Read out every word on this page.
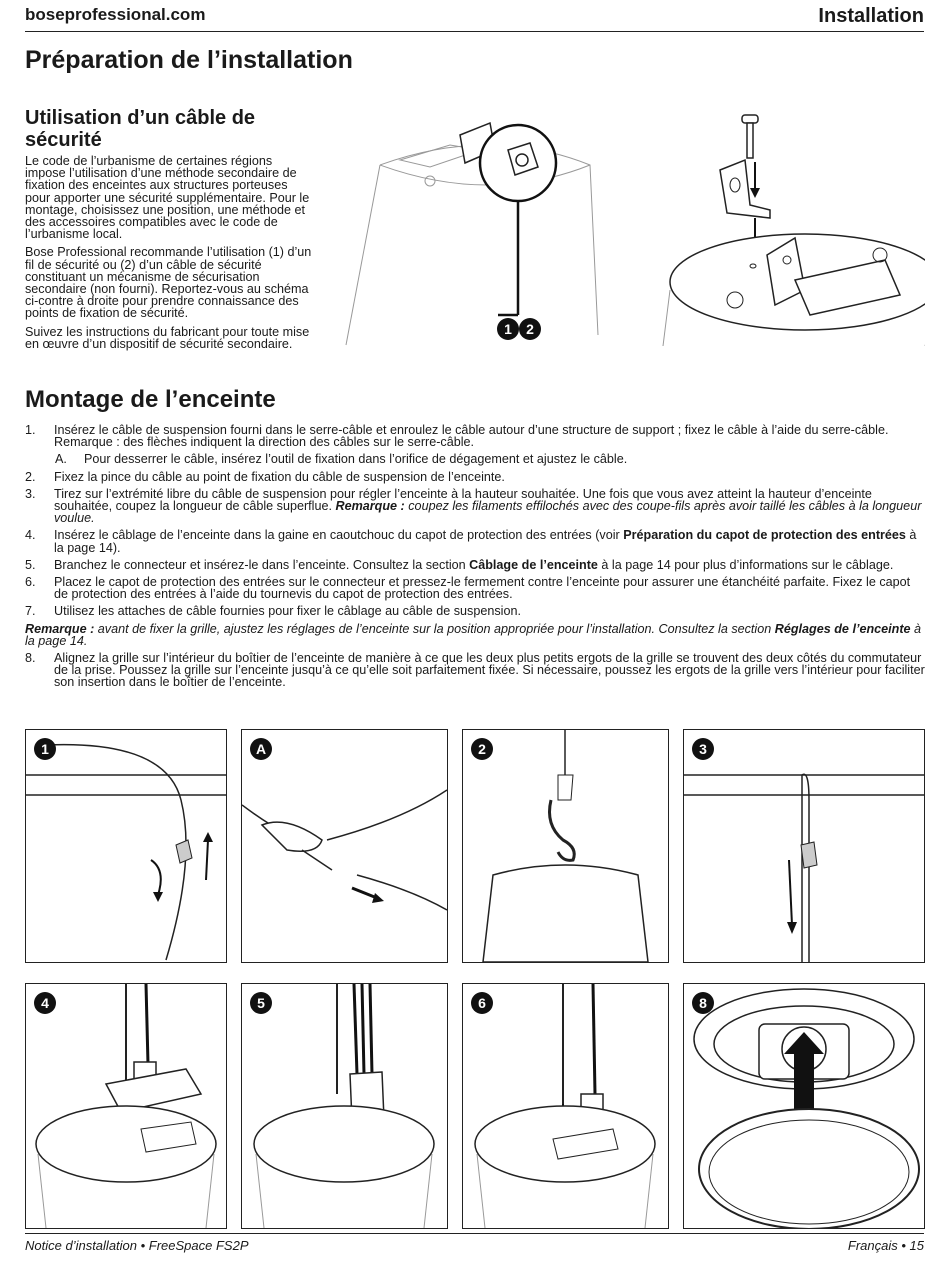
boseprofessional.com	Installation
Préparation de l’installation
Utilisation d’un câble de sécurité

Le code de l’urbanisme de certaines régions impose l’utilisation d’une méthode secondaire de fixation des enceintes aux structures porteuses pour apporter une sécurité supplémentaire. Pour le montage, choisissez une position, une méthode et des accessoires compatibles avec le code de l’urbanisme local.

Bose Professional recommande l’utilisation (1) d’un fil de sécurité ou (2) d’un câble de sécurité constituant un mécanisme de sécurisation secondaire (non fourni). Reportez-vous au schéma ci-contre à droite pour prendre connaissance des points de fixation de sécurité.

Suivez les instructions du fabricant pour toute mise en œuvre d’un dispositif de sécurité secondaire.

1 2
Montage de l’enceinte
1. Insérez le câble de suspension fourni dans le serre-câble et enroulez le câble autour d’une structure de support ; fixez le câble à l’aide du serre-câble. Remarque : des flèches indiquent la direction des câbles sur le serre-câble.
A. Pour desserrer le câble, insérez l’outil de fixation dans l’orifice de dégagement et ajustez le câble.
2. Fixez la pince du câble au point de fixation du câble de suspension de l’enceinte.
3. Tirez sur l’extrémité libre du câble de suspension pour régler l’enceinte à la hauteur souhaitée. Une fois que vous avez atteint la hauteur d’enceinte souhaitée, coupez la longueur de câble superflue. Remarque : coupez les filaments effilochés avec des coupe-fils après avoir taillé les câbles à la longueur voulue.
4. Insérez le câblage de l’enceinte dans la gaine en caoutchouc du capot de protection des entrées (voir Préparation du capot de protection des entrées à la page 14).
5. Branchez le connecteur et insérez-le dans l’enceinte. Consultez la section Câblage de l’enceinte à la page 14 pour plus d’informations sur le câblage.
6. Placez le capot de protection des entrées sur le connecteur et pressez-le fermement contre l’enceinte pour assurer une étanchéité parfaite. Fixez le capot de protection des entrées à l’aide du tournevis du capot de protection des entrées.
7. Utilisez les attaches de câble fournies pour fixer le câblage au câble de suspension.
Remarque : avant de fixer la grille, ajustez les réglages de l’enceinte sur la position appropriée pour l’installation. Consultez la section Réglages de l’enceinte à la page 14.
8. Alignez la grille sur l’intérieur du boîtier de l’enceinte de manière à ce que les deux plus petits ergots de la grille se trouvent des deux côtés du commutateur de la prise. Poussez la grille sur l’enceinte jusqu’à ce qu’elle soit parfaitement fixée. Si nécessaire, poussez les ergots de la grille vers l’intérieur pour faciliter son insertion dans le boîtier de l’enceinte.
1	A	2	3
4	5	6	8
Notice d’installation • FreeSpace FS2P	Français • 15
